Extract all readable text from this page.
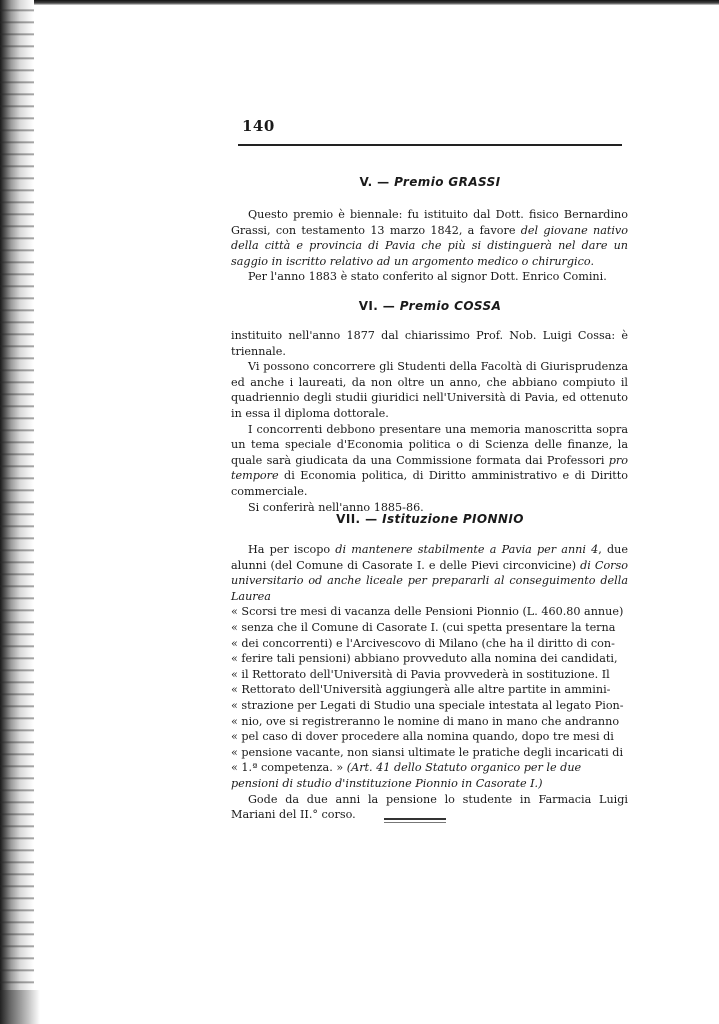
140
V. — Premio GRASSI

Questo premio è biennale: fu istituito dal Dott. fisico Bernardino Grassi, con testamento 13 marzo 1842, a favore del giovane nativo della città e provincia di Pavia che più si distinguerà nel dare un saggio in iscritto relativo ad un argomento medico o chirurgico.

Per l'anno 1883 è stato conferito al signor Dott. Enrico Comini.

VI. — Premio COSSA

instituito nell'anno 1877 dal chiarissimo Prof. Nob. Luigi Cossa: è triennale.

Vi possono concorrere gli Studenti della Facoltà di Giurisprudenza ed anche i laureati, da non oltre un anno, che abbiano compiuto il quadriennio degli studii giuridici nell'Università di Pavia, ed ottenuto in essa il diploma dottorale.

I concorrenti debbono presentare una memoria manoscritta sopra un tema speciale d'Economia politica o di Scienza delle finanze, la quale sarà giudicata da una Commissione formata dai Professori pro tempore di Economia politica, di Diritto amministrativo e di Diritto commerciale.

Si conferirà nell'anno 1885-86.

VII. — Istituzione PIONNIO

Ha per iscopo di mantenere stabilmente a Pavia per anni 4, due alunni (del Comune di Casorate I. e delle Pievi circonvicine) di Corso universitario od anche liceale per prepararli al conseguimento della Laurea

« Scorsi tre mesi di vacanza delle Pensioni Pionnio (L. 460.80 annue)

« senza che il Comune di Casorate I. (cui spetta presentare la terna

« dei concorrenti) e l'Arcivescovo di Milano (che ha il diritto di con-

« ferire tali pensioni) abbiano provveduto alla nomina dei candidati,

« il Rettorato dell'Università di Pavia provvederà in sostituzione. Il

« Rettorato dell'Università aggiungerà alle altre partite in ammini-

« strazione per Legati di Studio una speciale intestata al legato Pion-

« nio, ove si registreranno le nomine di mano in mano che andranno

« pel caso di dover procedere alla nomina quando, dopo tre mesi di

« pensione vacante, non siansi ultimate le pratiche degli incaricati di

« 1.ª competenza. » (Art. 41 dello Statuto organico per le due pensioni di studio d'instituzione Pionnio in Casorate I.)

Gode da due anni la pensione lo studente in Farmacia Luigi Mariani del II.° corso.
